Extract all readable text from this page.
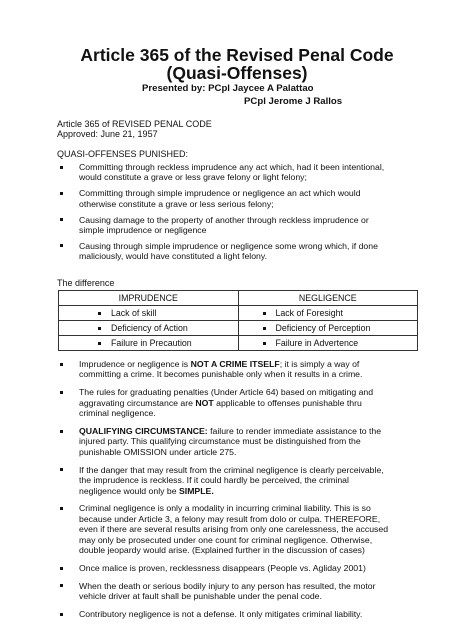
Article 365 of the Revised Penal Code
(Quasi-Offenses)
Presented by: PCpl Jaycee A Palattao
PCpl Jerome J Rallos
Article 365 of REVISED PENAL CODE
Approved: June 21, 1957
QUASI-OFFENSES PUNISHED:
Committing through reckless imprudence any act which, had it been intentional,
would constitute a grave or less grave felony or light felony;
Committing through simple imprudence or negligence an act which would
otherwise constitute a grave or less serious felony;
Causing damage to the property of another through reckless imprudence or
simple imprudence or negligence
Causing through simple imprudence or negligence some wrong which, if done
maliciously, would have constituted a light felony.
The difference
IMPRUDENCE	NEGLIGENCE

Lack of skill	Lack of Foresight

Deficiency of Action	Deficiency of Perception

Failure in Precaution	Failure in Advertence
Imprudence or negligence is NOT A CRIME ITSELF; it is simply a way of
committing a crime. It becomes punishable only when it results in a crime.
The rules for graduating penalties (Under Article 64) based on mitigating and
aggravating circumstance are NOT applicable to offenses punishable thru
criminal negligence.
QUALIFYING CIRCUMSTANCE: failure to render immediate assistance to the
injured party. This qualifying circumstance must be distinguished from the
punishable OMISSION under article 275.
If the danger that may result from the criminal negligence is clearly perceivable,
the imprudence is reckless. If it could hardly be perceived, the criminal
negligence would only be SIMPLE.
Criminal negligence is only a modality in incurring criminal liability. This is so
because under Article 3, a felony may result from dolo or culpa. THEREFORE,
even if there are several results arising from only one carelessness, the accused
may only be prosecuted under one count for criminal negligence. Otherwise,
double jeopardy would arise. (Explained further in the discussion of cases)
Once malice is proven, recklessness disappears (People vs. Agliday 2001)
When the death or serious bodily injury to any person has resulted, the motor
vehicle driver at fault shall be punishable under the penal code.
Contributory negligence is not a defense. It only mitigates criminal liability.
